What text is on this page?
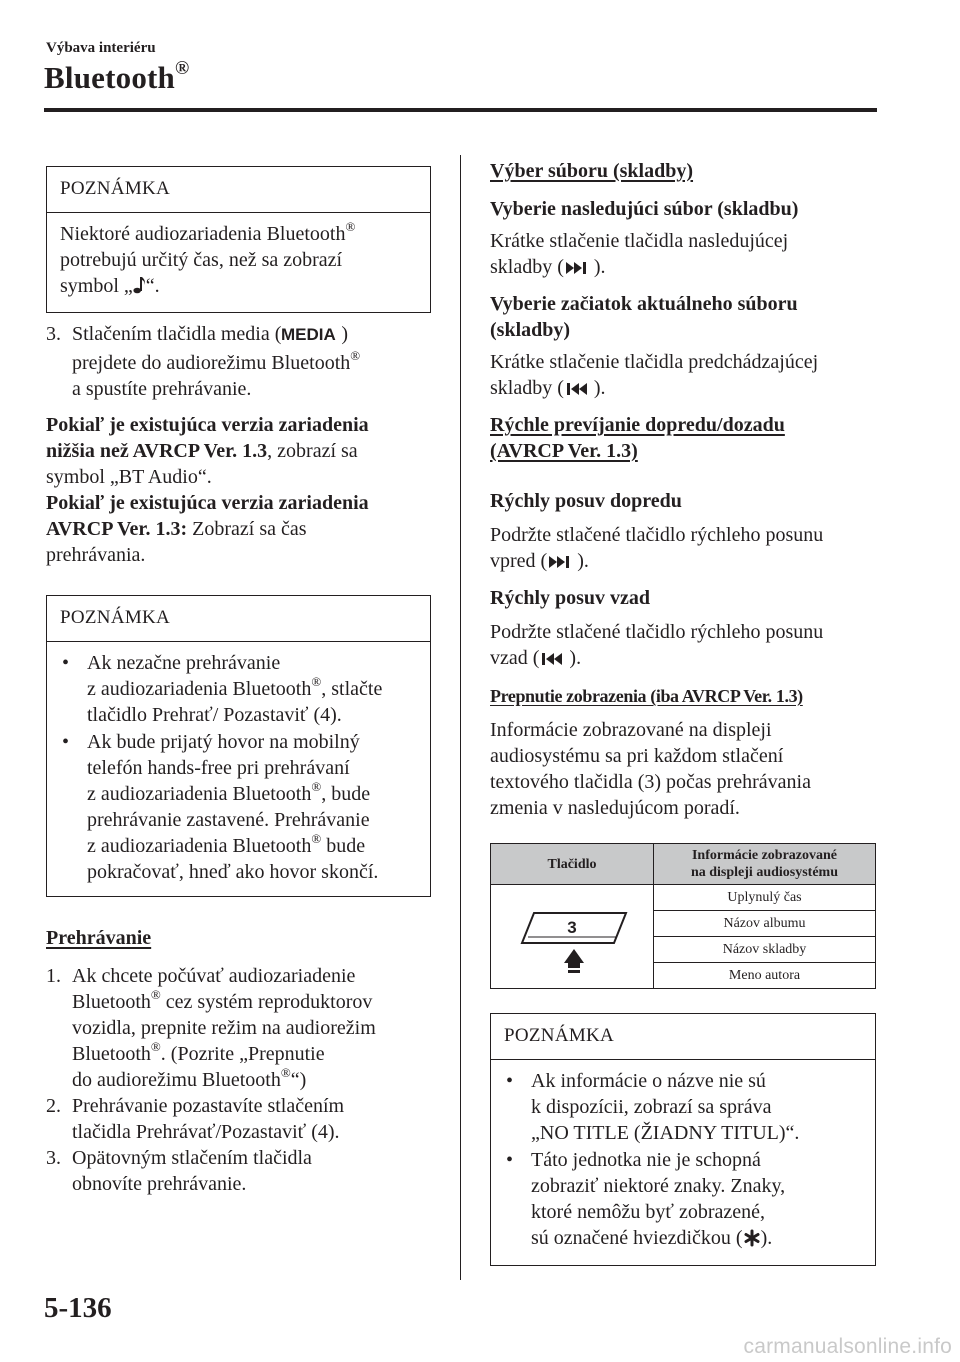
Výbava interiéru
Bluetooth®
POZNÁMKA

Niektoré audiozariadenia Bluetooth®

potrebujú určitý čas, než sa zobrazí

symbol „ “.

3. Stlačením tlačidla media ( MEDIA )
prejdete do audiorežimu Bluetooth®
a spustíte prehrávanie.
Pokiaľ je existujúca verzia zariadenia
nižšia než AVRCP Ver. 1.3, zobrazí sa
symbol „BT Audio“.
Pokiaľ je existujúca verzia zariadenia
AVRCP Ver. 1.3: Zobrazí sa čas
prehrávania.
POZNÁMKA
• Ak nezačne prehrávanie
z audiozariadenia Bluetooth®, stlačte
tlačidlo Prehrať/ Pozastaviť (4).
• Ak bude prijatý hovor na mobilný
telefón hands-free pri prehrávaní
z audiozariadenia Bluetooth®, bude
prehrávanie zastavené. Prehrávanie
z audiozariadenia Bluetooth® bude
pokračovať, hneď ako hovor skončí.
Prehrávanie
1. Ak chcete počúvať audiozariadenie
Bluetooth® cez systém reproduktorov
vozidla, prepnite režim na audiorežim
Bluetooth®. (Pozrite „Prepnutie
do audiorežimu Bluetooth®“)
2. Prehrávanie pozastavíte stlačením
tlačidla Prehrávať/Pozastaviť (4).
3. Opätovným stlačením tlačidla
obnovíte prehrávanie.
Výber súboru (skladby)
Vyberie nasledujúci súbor (skladbu)
Krátke stlačenie tlačidla nasledujúcej
skladby ( ).
Vyberie začiatok aktuálneho súboru
(skladby)
Krátke stlačenie tlačidla predchádzajúcej
skladby ( ).
Rýchle prevíjanie dopredu/dozadu
(AVRCP Ver. 1.3)
Rýchly posuv dopredu
Podržte stlačené tlačidlo rýchleho posunu
vpred ( ).
Rýchly posuv vzad
Podržte stlačené tlačidlo rýchleho posunu
vzad ( ).
Prepnutie zobrazenia (iba AVRCP Ver. 1.3)
Informácie zobrazované na displeji
audiosystému sa pri každom stlačení
textového tlačidla (3) počas prehrávania
zmenia v nasledujúcom poradí.
Tlačidlo	Informácie zobrazované
na displeji audiosystému

3	Uplynulý čas
	Názov albumu
	Názov skladby
	Meno autora
POZNÁMKA
• Ak informácie o názve nie sú
k dispozícii, zobrazí sa správa
„NO TITLE (ŽIADNY TITUL)“.
• Táto jednotka nie je schopná
zobraziť niektoré znaky. Znaky,
ktoré nemôžu byť zobrazené,
sú označené hviezdičkou ( ).
5-136
carmanualsonline.info
